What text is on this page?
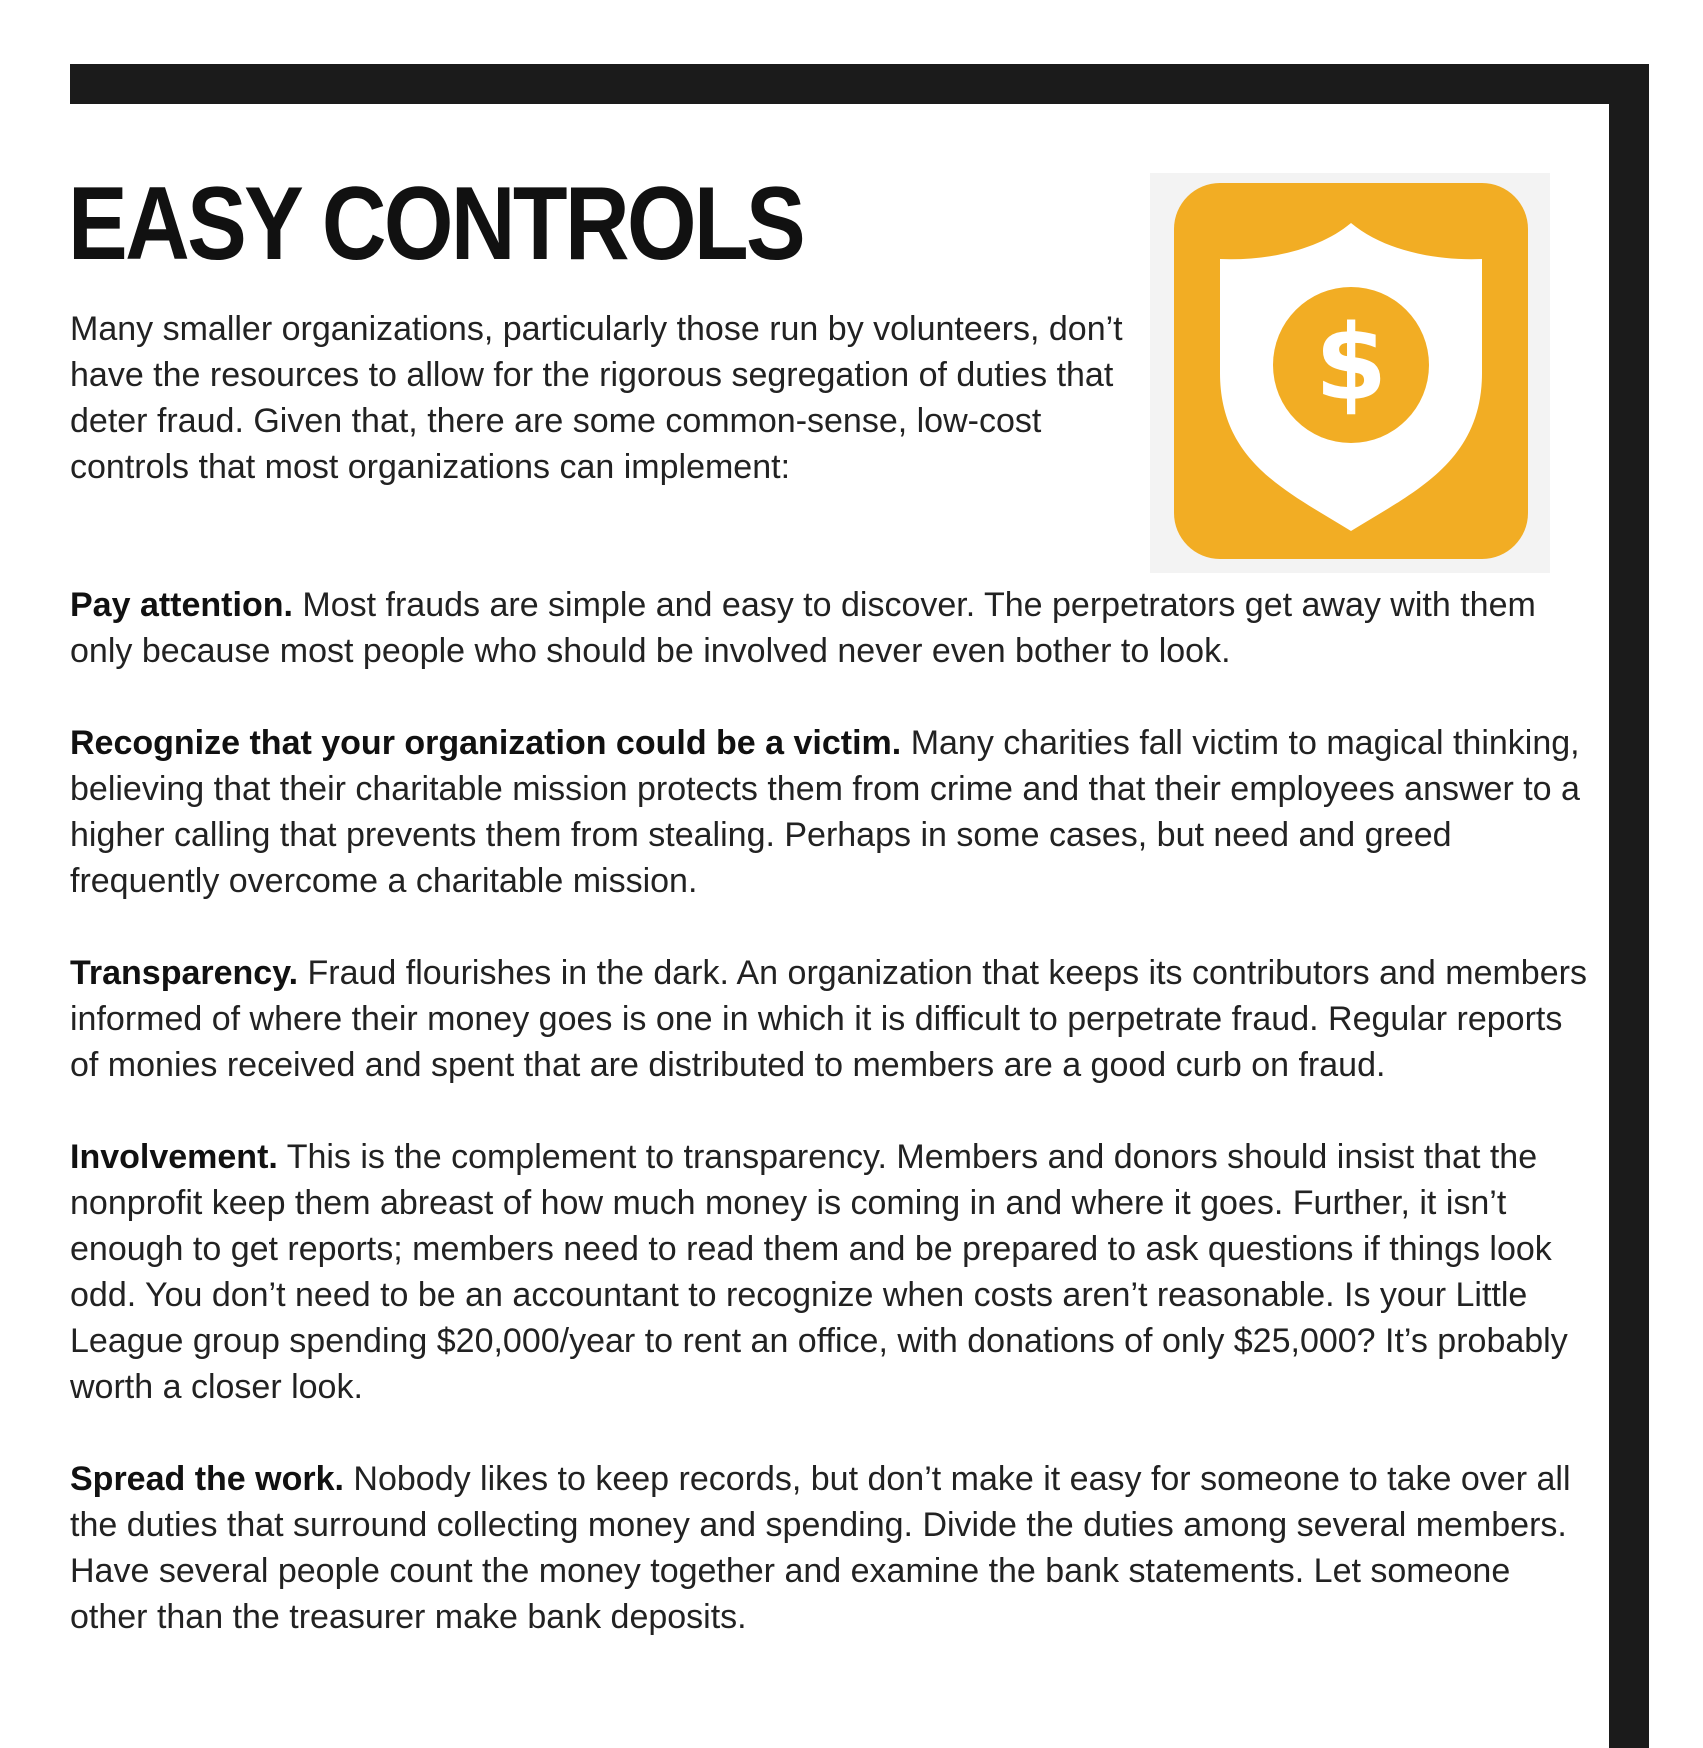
EASY CONTROLS

Many smaller organizations, particularly those run by volunteers, don’t have the resources to allow for the rigorous segregation of duties that deter fraud. Given that, there are some common-sense, low-cost controls that most organizations can implement:

$

Pay attention. Most frauds are simple and easy to discover. The perpetrators get away with them only because most people who should be involved never even bother to look.

Recognize that your organization could be a victim. Many charities fall victim to magical thinking, believing that their charitable mission protects them from crime and that their employees answer to a higher calling that prevents them from stealing. Perhaps in some cases, but need and greed frequently overcome a charitable mission.

Transparency. Fraud flourishes in the dark. An organization that keeps its contributors and members informed of where their money goes is one in which it is difficult to perpetrate fraud. Regular reports of monies received and spent that are distributed to members are a good curb on fraud.

Involvement. This is the complement to transparency. Members and donors should insist that the nonprofit keep them abreast of how much money is coming in and where it goes. Further, it isn’t enough to get reports; members need to read them and be prepared to ask questions if things look odd. You don’t need to be an accountant to recognize when costs aren’t reasonable. Is your Little League group spending $20,000/year to rent an office, with donations of only $25,000? It’s probably worth a closer look.

Spread the work. Nobody likes to keep records, but don’t make it easy for someone to take over all the duties that surround collecting money and spending. Divide the duties among several members. Have several people count the money together and examine the bank statements. Let someone other than the treasurer make bank deposits.
